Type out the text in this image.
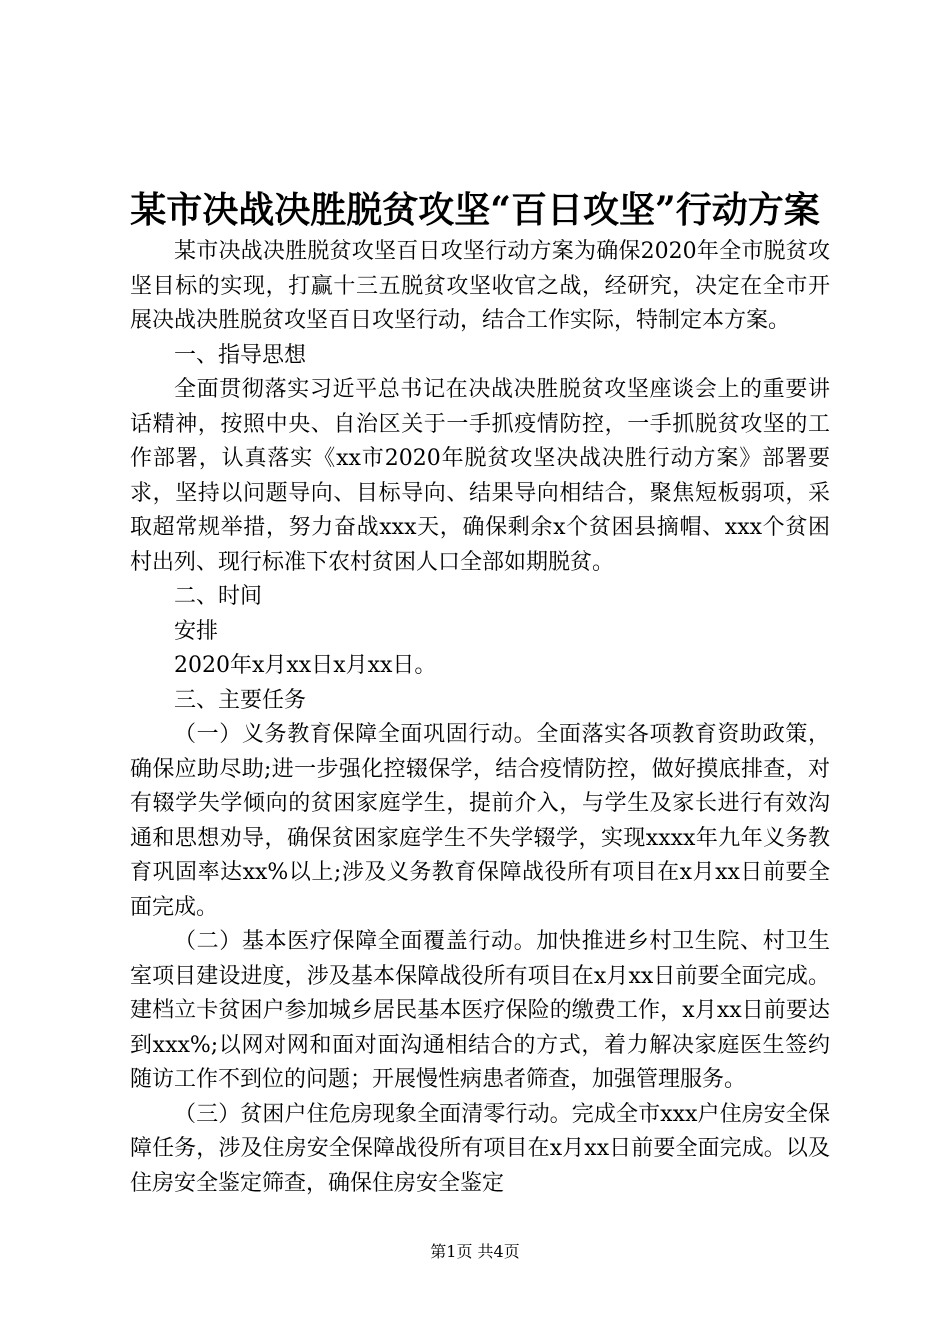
某市决战决胜脱贫攻坚“百日攻坚”行动方案

某市决战决胜脱贫攻坚百日攻坚行动方案为确保2020年全市脱贫攻坚目标的实现，打赢十三五脱贫攻坚收官之战，经研究，决定在全市开展决战决胜脱贫攻坚百日攻坚行动，结合工作实际，特制定本方案。

一、指导思想

全面贯彻落实习近平总书记在决战决胜脱贫攻坚座谈会上的重要讲话精神，按照中央、自治区关于一手抓疫情防控，一手抓脱贫攻坚的工作部署，认真落实《xx市2020年脱贫攻坚决战决胜行动方案》部署要求，坚持以问题导向、目标导向、结果导向相结合，聚焦短板弱项，采取超常规举措，努力奋战xxx天，确保剩余x个贫困县摘帽、xxx个贫困村出列、现行标准下农村贫困人口全部如期脱贫。

二、时间

安排

2020年x月xx日x月xx日。

三、主要任务

（一）义务教育保障全面巩固行动。全面落实各项教育资助政策，确保应助尽助;进一步强化控辍保学，结合疫情防控，做好摸底排查，对有辍学失学倾向的贫困家庭学生，提前介入，与学生及家长进行有效沟通和思想劝导，确保贫困家庭学生不失学辍学，实现xxxx年九年义务教育巩固率达xx%以上;涉及义务教育保障战役所有项目在x月xx日前要全面完成。

（二）基本医疗保障全面覆盖行动。加快推进乡村卫生院、村卫生室项目建设进度，涉及基本保障战役所有项目在x月xx日前要全面完成。建档立卡贫困户参加城乡居民基本医疗保险的缴费工作，x月xx日前要达到xxx%;以网对网和面对面沟通相结合的方式，着力解决家庭医生签约随访工作不到位的问题；开展慢性病患者筛查，加强管理服务。

（三）贫困户住危房现象全面清零行动。完成全市xxx户住房安全保障任务，涉及住房安全保障战役所有项目在x月xx日前要全面完成。以及住房安全鉴定筛查，确保住房安全鉴定

第1页 共4页
